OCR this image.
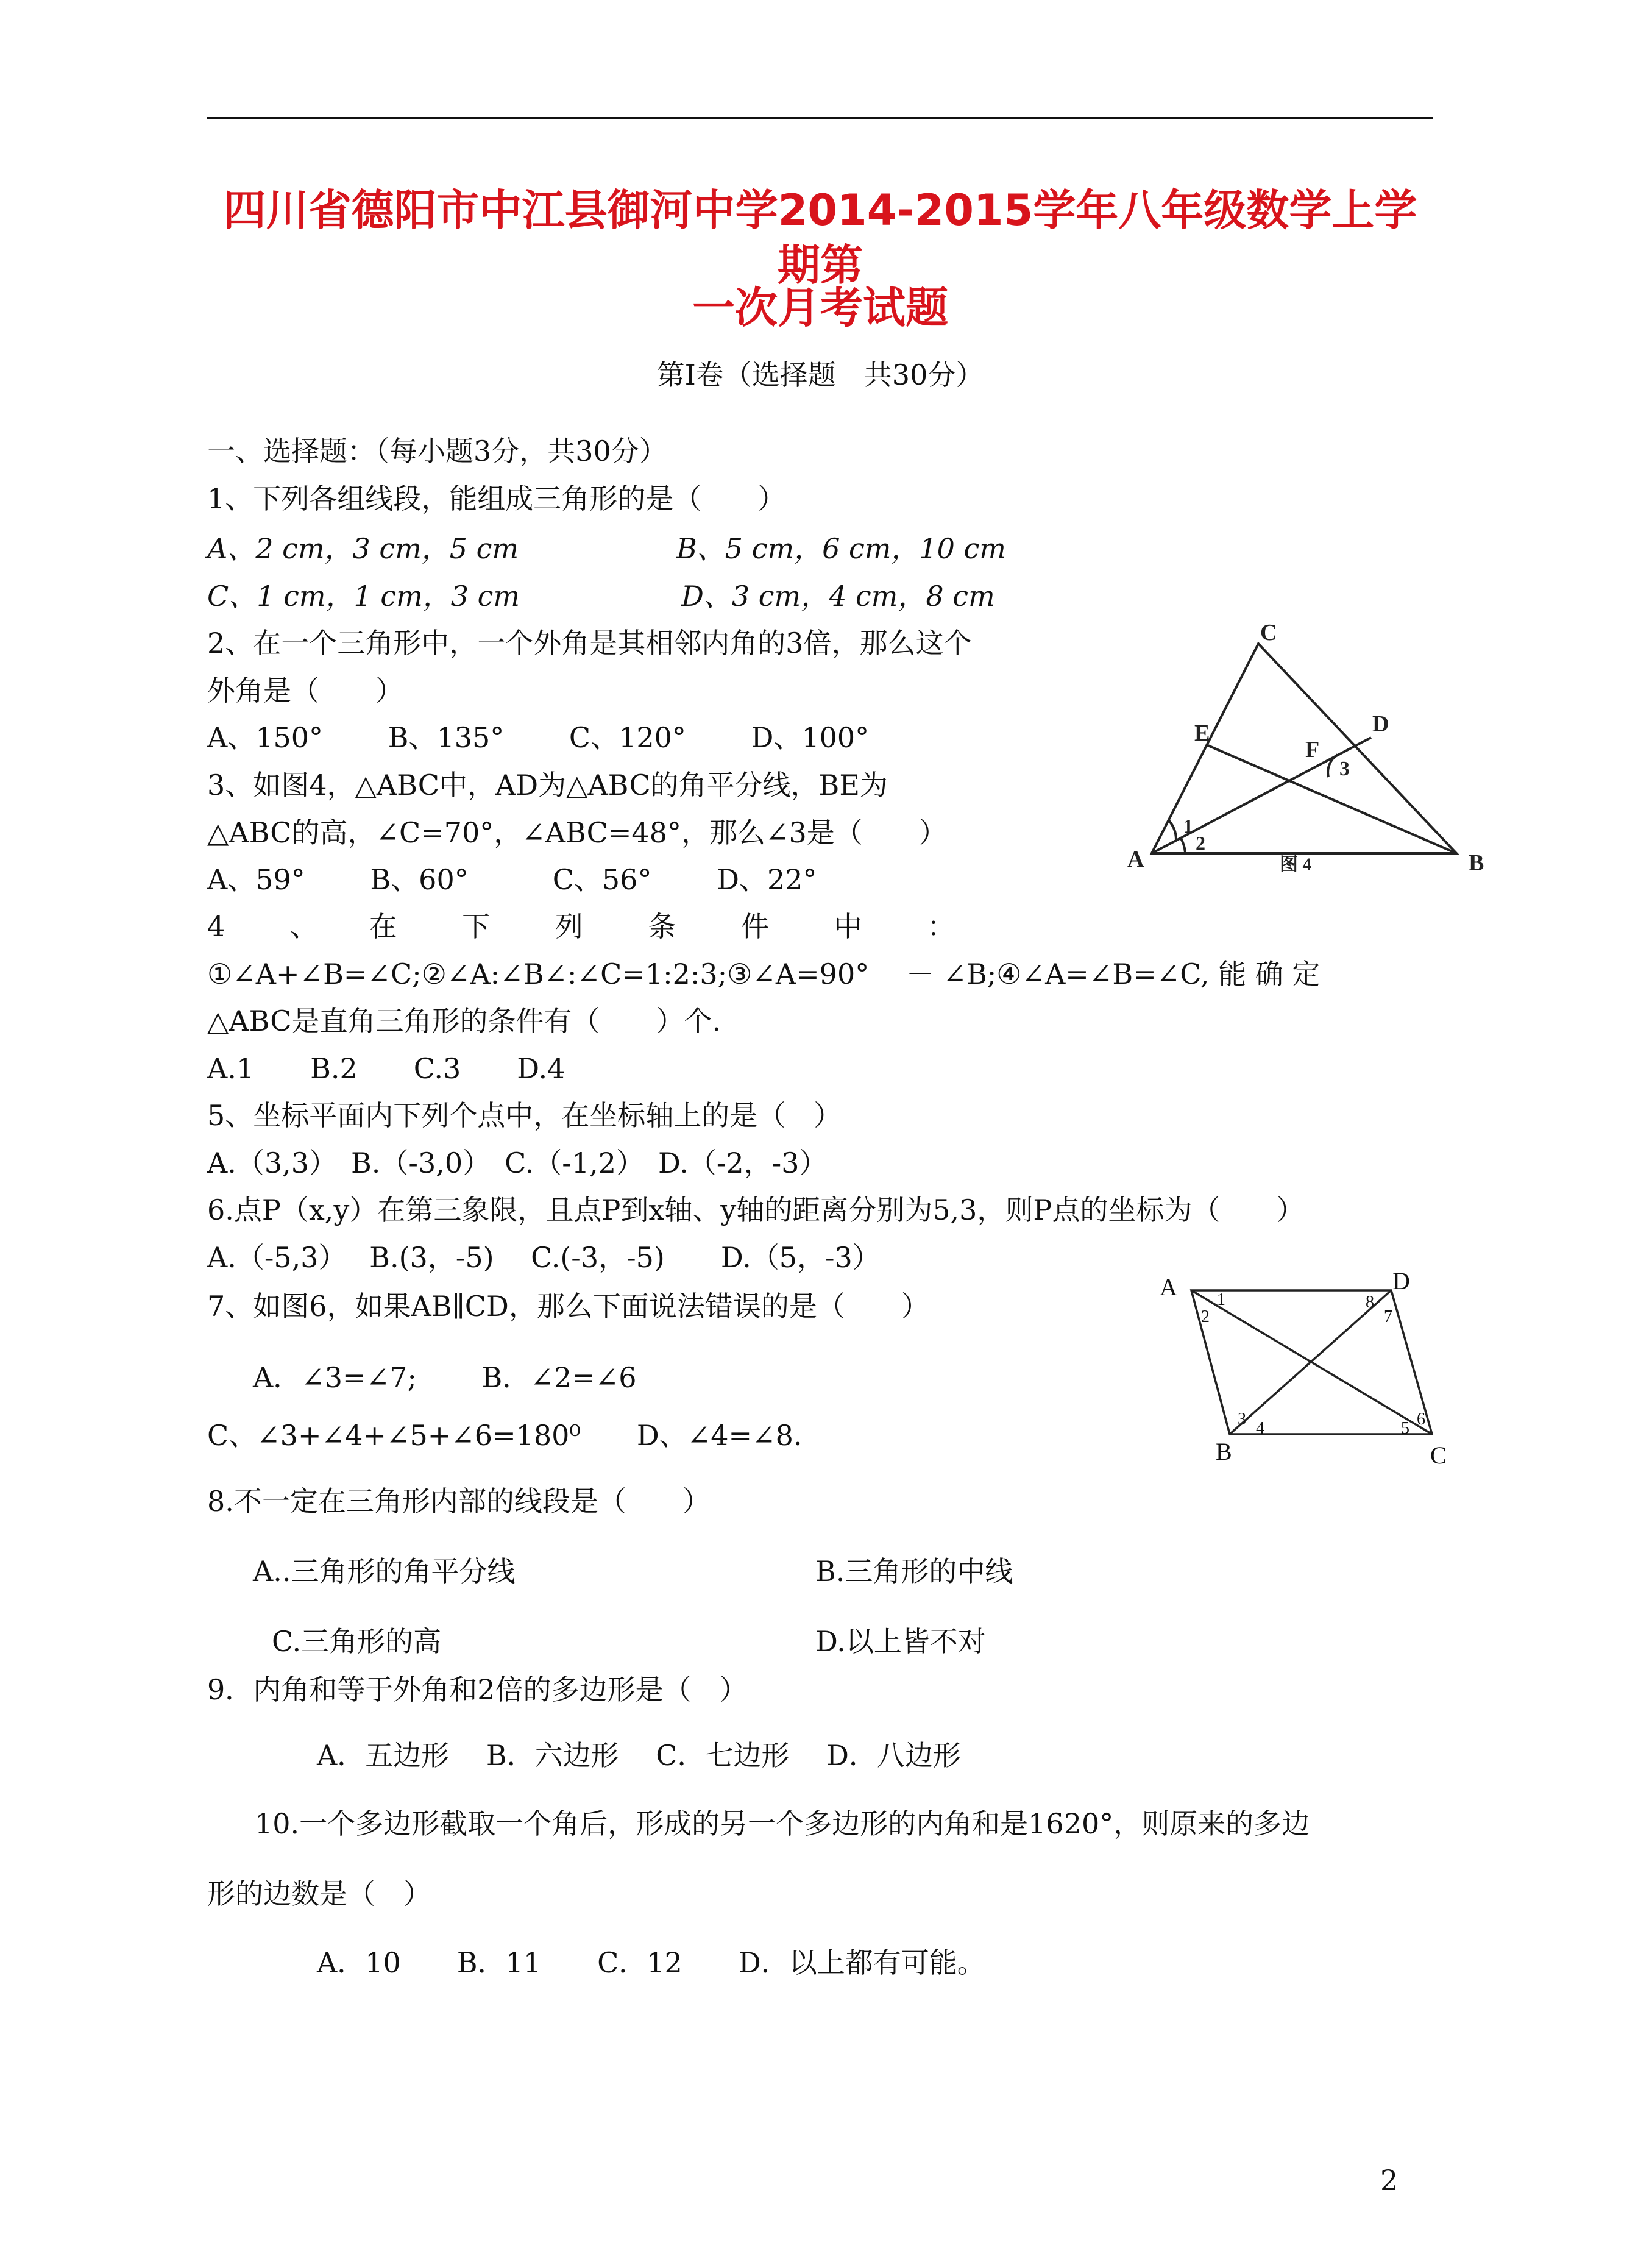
四川省德阳市中江县御河中学2014-2015学年八年级数学上学期第
一次月考试题
第Ⅰ卷（选择题　共30分）
一、选择题：（每小题3分，共30分）
1、下列各组线段，能组成三角形的是（　　）
A、2 cm，3 cm，5 cm	B、5 cm，6 cm，10 cm
C、1 cm，1 cm，3 cm	D、3 cm，4 cm，8 cm
2、在一个三角形中，一个外角是其相邻内角的3倍，那么这个
外角是（　　）
A、150°　　 B、135°　　 C、120°　　 D、100°
3、如图4，△ABC中，AD为△ABC的角平分线，BE为
△ABC的高，∠C=70°，∠ABC=48°，那么∠3是（　　）
A、59°　　 B、60°　　　C、56°　　 D、22°
C
E	D
F
A	B
1
2
3
图 4
4　　 、　　 在　　 下　　 列　　 条　　 件　　 中　　 ：
①∠A+∠B=∠C;②∠A:∠B∠:∠C=1:2:3;③∠A=90°　 － ∠B;④∠A=∠B=∠C, 能 确 定
△ABC是直角三角形的条件有（　　）个.
A.1　　B.2　　C.3　　D.4
5、坐标平面内下列个点中，在坐标轴上的是（　）
A.（3,3）　B.（-3,0）　C.（-1,2）　D.（-2，-3）
6.点P（x,y）在第三象限，且点P到x轴、y轴的距离分别为5,3，则P点的坐标为（　　）
A.（-5,3）　 B.(3，-5)　 C.(-3，-5)　　D.（5，-3）
7、如图6，如果AB∥CD，那么下面说法错误的是（　　）
A．∠3=∠7;　　 B．∠2=∠6
C、∠3+∠4+∠5+∠6=180⁰　　D、∠4=∠8.
A	D
B	C
1
2
3 4	5 6
7
8
8.不一定在三角形内部的线段是（　　）
A..三角形的角平分线	B.三角形的中线
C.三角形的高	D.以上皆不对
9．内角和等于外角和2倍的多边形是（　）
A．五边形　 B．六边形　 C．七边形　 D．八边形
10.一个多边形截取一个角后，形成的另一个多边形的内角和是1620°，则原来的多边
形的边数是（　）
A．10　　B．11　　C．12　　D．以上都有可能。
2
